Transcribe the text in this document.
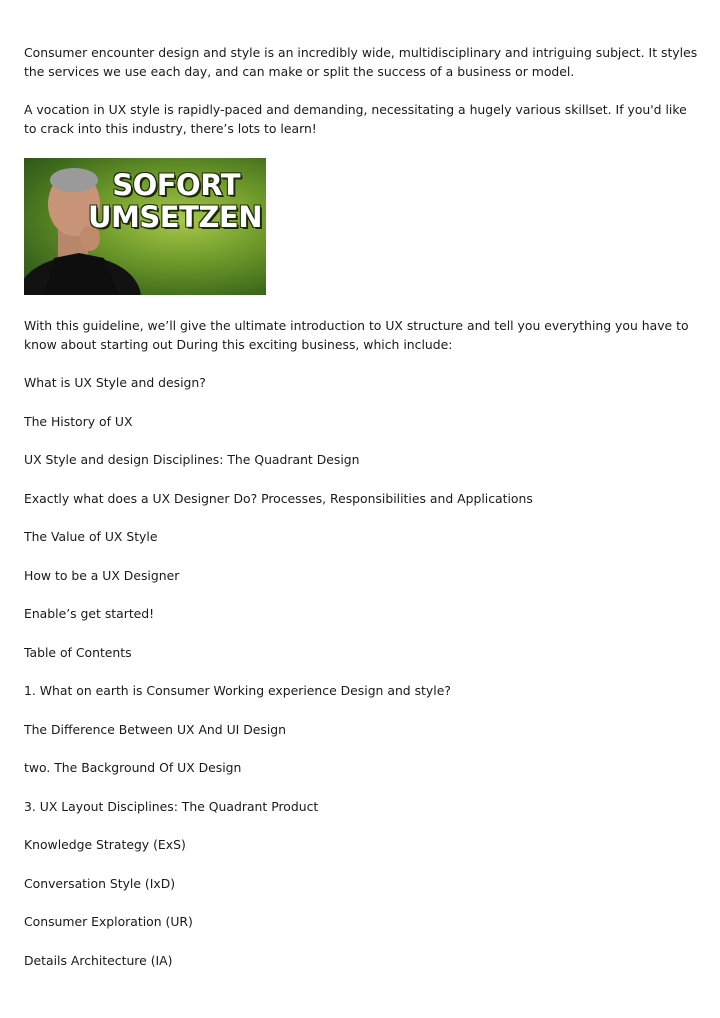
Consumer encounter design and style is an incredibly wide, multidisciplinary and intriguing subject. It styles the services we use each day, and can make or split the success of a business or model.

A vocation in UX style is rapidly-paced and demanding, necessitating a hugely various skillset. If you'd like to crack into this industry, there’s lots to learn!

SOFORT
UMSETZEN

With this guideline, we’ll give the ultimate introduction to UX structure and tell you everything you have to know about starting out During this exciting business, which include:

What is UX Style and design?

The History of UX

UX Style and design Disciplines: The Quadrant Design

Exactly what does a UX Designer Do? Processes, Responsibilities and Applications

The Value of UX Style

How to be a UX Designer

Enable’s get started!

Table of Contents

1. What on earth is Consumer Working experience Design and style?

The Difference Between UX And UI Design

two. The Background Of UX Design

3. UX Layout Disciplines: The Quadrant Product

Knowledge Strategy (ExS)

Conversation Style (IxD)

Consumer Exploration (UR)

Details Architecture (IA)
